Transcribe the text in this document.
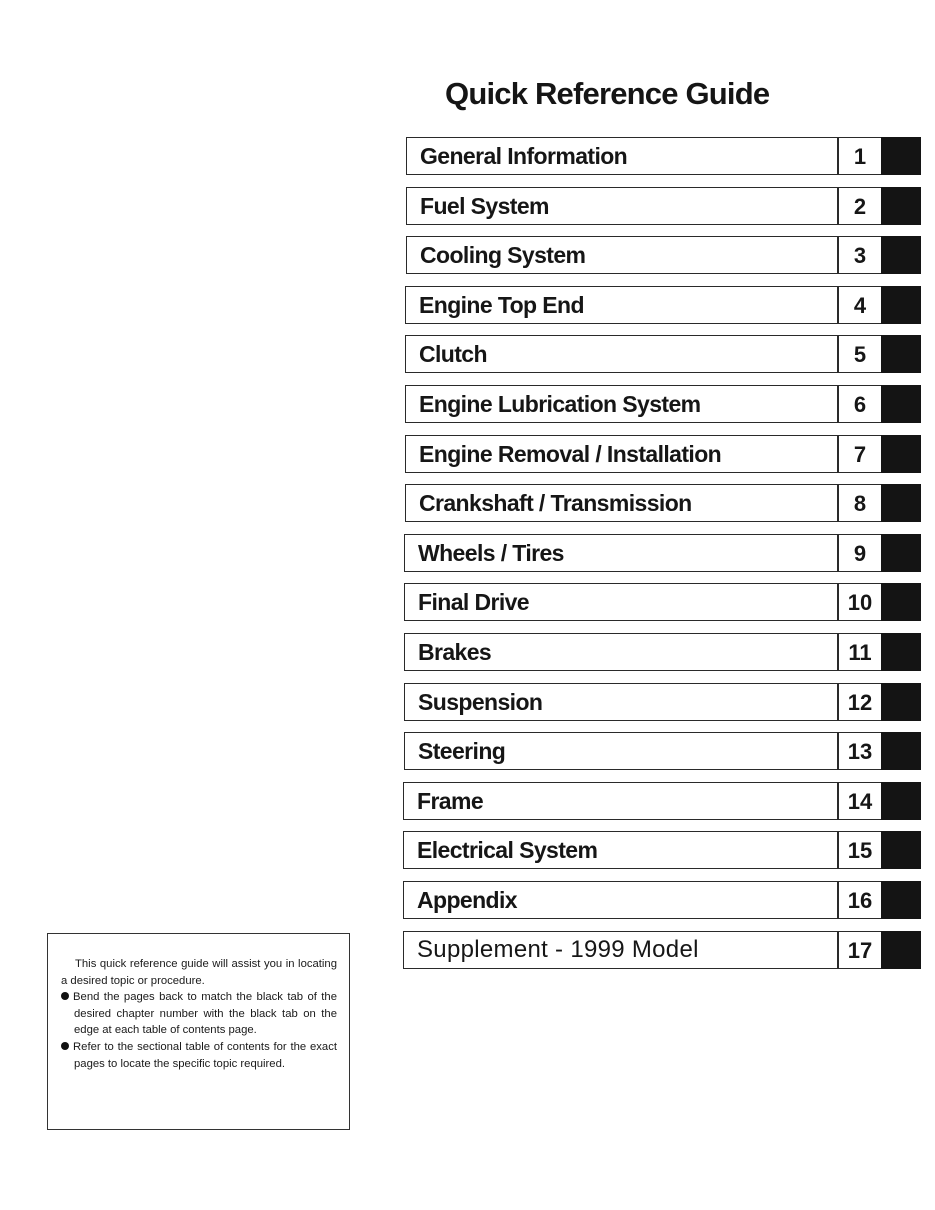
Quick Reference Guide
General Information	1
Fuel System	2
Cooling System	3
Engine Top End	4
Clutch	5
Engine Lubrication System	6
Engine Removal / Installation	7
Crankshaft / Transmission	8
Wheels / Tires	9
Final Drive	10
Brakes	11
Suspension	12
Steering	13
Frame	14
Electrical System	15
Appendix	16
Supplement - 1999 Model	17

This quick reference guide will assist you in locating a desired topic or procedure.

Bend the pages back to match the black tab of the desired chapter number with the black tab on the edge at each table of contents page.

Refer to the sectional table of contents for the exact pages to locate the specific topic required.
